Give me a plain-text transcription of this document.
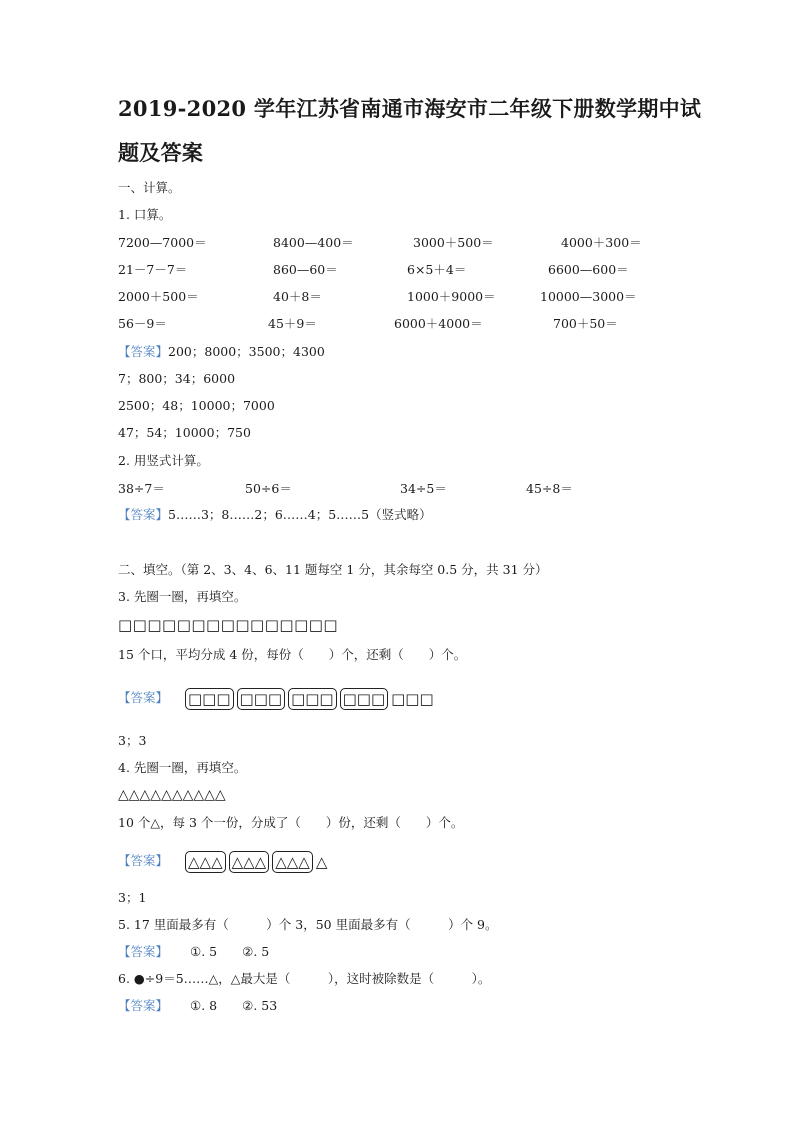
2019-2020 学年江苏省南通市海安市二年级下册数学期中试
题及答案
一、计算。
1. 口算。
7200—7000＝	8400—400＝	3000＋500＝	4000＋300＝
21－7－7＝	860—60＝	6×5＋4＝	6600—600＝
2000＋500＝	40＋8＝	1000＋9000＝	10000—3000＝
56－9＝	45＋9＝	6000＋4000＝	700＋50＝
【答案】200；8000；3500；4300
7；800；34；6000
2500；48；10000；7000
47；54；10000；750
2. 用竖式计算。
38÷7＝	50÷6＝	34÷5＝	45÷8＝
【答案】5……3；8……2；6……4；5……5（竖式略）
二、填空。（第 2、3、4、6、11 题每空 1 分，其余每空 0.5 分，共 31 分）
3. 先圈一圈，再填空。
□□□□□□□□□□□□□□□
15 个口，平均分成 4 份，每份（　　）个，还剩（　　）个。
【答案】 □□□ □□□ □□□ □□□ □□□
3；3
4. 先圈一圈，再填空。
△△△△△△△△△△
10 个△，每 3 个一份，分成了（　　）份，还剩（　　）个。
【答案】 △△△ △△△ △△△ △
3；1
5. 17 里面最多有（　　　）个 3，50 里面最多有（　　　）个 9。
【答案】 ①. 5　　②. 5
6. ●÷9＝5……△，△最大是（　　　），这时被除数是（　　　）。
【答案】 ①. 8　　②. 53
